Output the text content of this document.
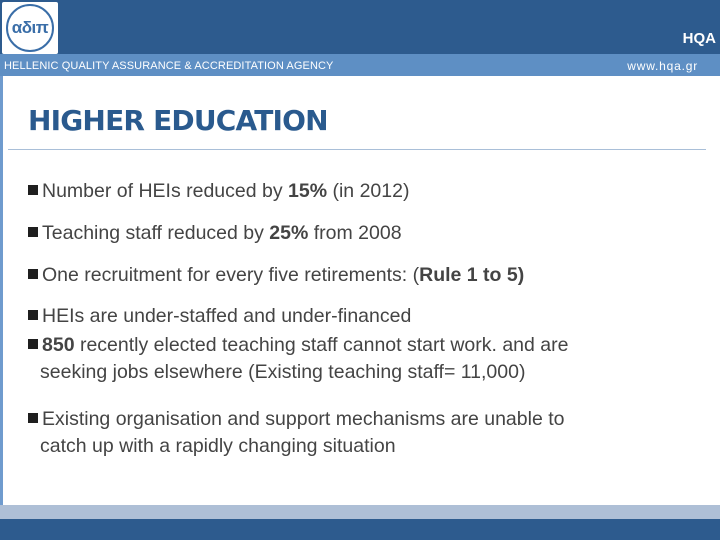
αδιπ
HQA
HELLENIC QUALITY ASSURANCE & ACCREDITATION AGENCY	www.hqa.gr
HIGHER EDUCATION
Number of HEIs reduced by 15% (in 2012)
Teaching staff reduced by 25% from 2008
One recruitment for every five retirements: (Rule 1 to 5)
HEIs are under-staffed and under-financed
850 recently elected teaching staff cannot start work. and are
seeking jobs elsewhere (Existing teaching staff= 11,000)
Existing organisation and support mechanisms are unable to
catch up with a rapidly changing situation
